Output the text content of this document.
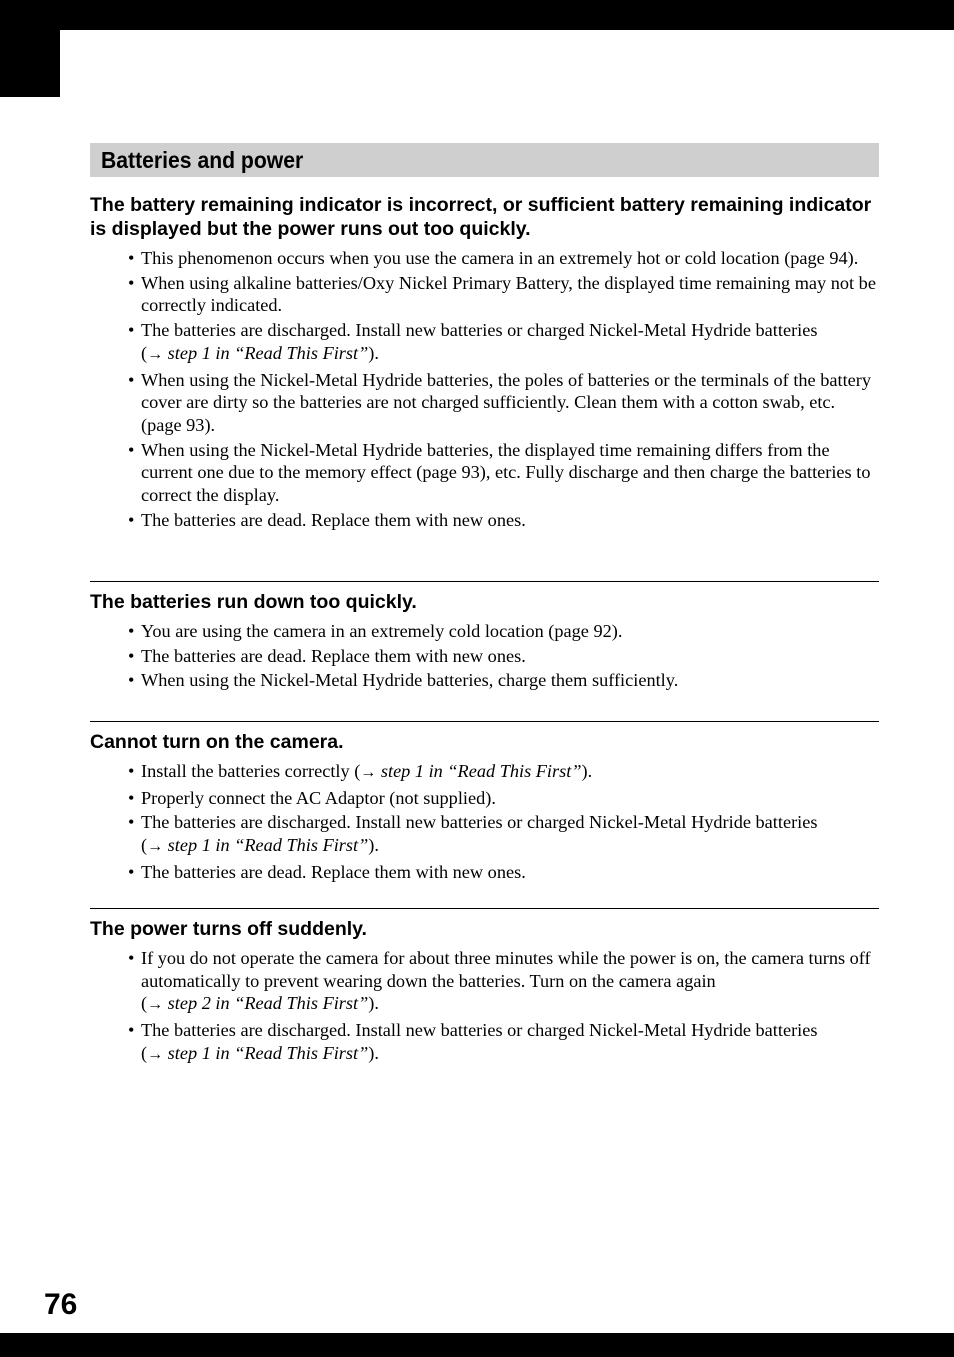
Batteries and power
The battery remaining indicator is incorrect, or sufficient battery remaining indicator is displayed but the power runs out too quickly.
• This phenomenon occurs when you use the camera in an extremely hot or cold location (page 94).
• When using alkaline batteries/Oxy Nickel Primary Battery, the displayed time remaining may not be correctly indicated.
• The batteries are discharged. Install new batteries or charged Nickel-Metal Hydride batteries
(→ step 1 in “Read This First”).
• When using the Nickel-Metal Hydride batteries, the poles of batteries or the terminals of the battery cover are dirty so the batteries are not charged sufficiently. Clean them with a cotton swab, etc. (page 93).
• When using the Nickel-Metal Hydride batteries, the displayed time remaining differs from the current one due to the memory effect (page 93), etc. Fully discharge and then charge the batteries to correct the display.
• The batteries are dead. Replace them with new ones.
The batteries run down too quickly.
• You are using the camera in an extremely cold location (page 92).
• The batteries are dead. Replace them with new ones.
• When using the Nickel-Metal Hydride batteries, charge them sufficiently.
Cannot turn on the camera.
• Install the batteries correctly (→ step 1 in “Read This First”).
• Properly connect the AC Adaptor (not supplied).
• The batteries are discharged. Install new batteries or charged Nickel-Metal Hydride batteries
(→ step 1 in “Read This First”).
• The batteries are dead. Replace them with new ones.
The power turns off suddenly.
• If you do not operate the camera for about three minutes while the power is on, the camera turns off automatically to prevent wearing down the batteries. Turn on the camera again
(→ step 2 in “Read This First”).
• The batteries are discharged. Install new batteries or charged Nickel-Metal Hydride batteries
(→ step 1 in “Read This First”).
76
